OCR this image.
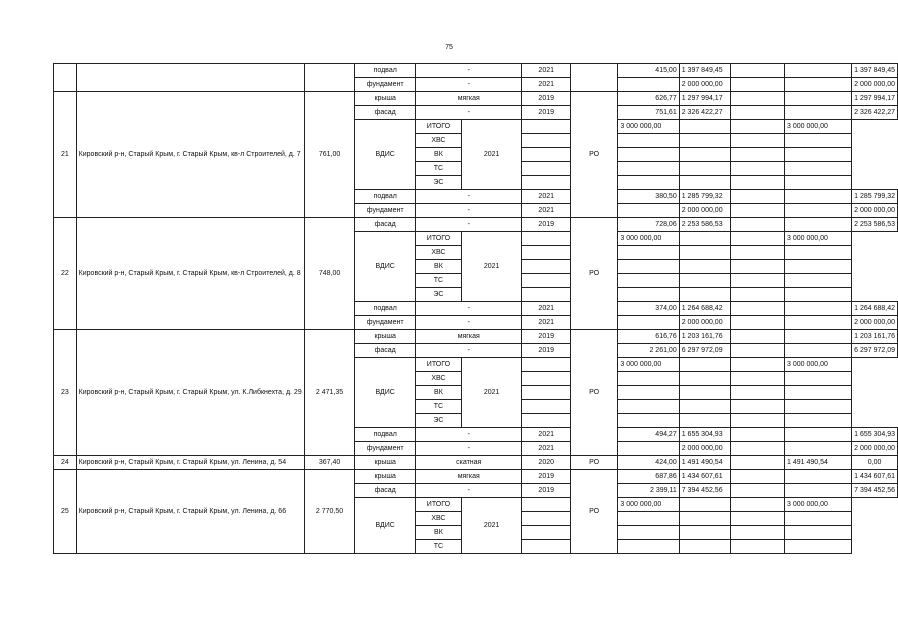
75
			подвал	-		2021		415,00	1 397 849,45			1 397 849,45
			фундамент	-		2021			2 000 000,00			2 000 000,00
21	Кировский р-н, Старый Крым, г. Старый Крым, кв-л Строителей, д. 7	761,00	крыша	мягкая		2019	РО	626,77	1 297 994,17			1 297 994,17
			фасад	-		2019		751,61	2 326 422,27			2 326 422,27
			ВДИС	ИТОГО	2021			3 000 000,00			3 000 000,00	
				ХВС								
				ВК								
				ТС								
				ЭС								
			подвал	-		2021		380,50	1 285 799,32			1 285 799,32
			фундамент	-		2021			2 000 000,00			2 000 000,00
22	Кировский р-н, Старый Крым, г. Старый Крым, кв-л Строителей, д. 8	748,00	фасад	-		2019	РО	728,06	2 253 586,53			2 253 586,53
			ВДИС	ИТОГО	2021			3 000 000,00			3 000 000,00	
				ХВС								
				ВК								
				ТС								
				ЭС								
			подвал	-		2021		374,00	1 264 688,42			1 264 688,42
			фундамент	-		2021			2 000 000,00			2 000 000,00
23	Кировский р-н, Старый Крым, г. Старый Крым, ул. К.Либкнехта, д. 29	2 471,35	крыша	мягкая		2019	РО	616,76	1 203 161,76			1 203 161,76
			фасад	-		2019		2 261,00	6 297 972,09			6 297 972,09
			ВДИС	ИТОГО	2021			3 000 000,00			3 000 000,00	
				ХВС								
				ВК								
				ТС								
				ЭС								
			подвал	-		2021		494,27	1 655 304,93			1 655 304,93
			фундамент	-		2021			2 000 000,00			2 000 000,00
24	Кировский р-н, Старый Крым, г. Старый Крым, ул. Ленина, д. 54	367,40	крыша	скатная		2020	РО	424,00	1 491 490,54		1 491 490,54	0,00
25	Кировский р-н, Старый Крым, г. Старый Крым, ул. Ленина, д. 66	2 770,50	крыша	мягкая		2019	РО	687,86	1 434 607,61			1 434 607,61
			фасад	-		2019		2 399,11	7 394 452,56			7 394 452,56
			ВДИС	ИТОГО	2021			3 000 000,00			3 000 000,00	
				ХВС								
				ВК								
				ТС								
